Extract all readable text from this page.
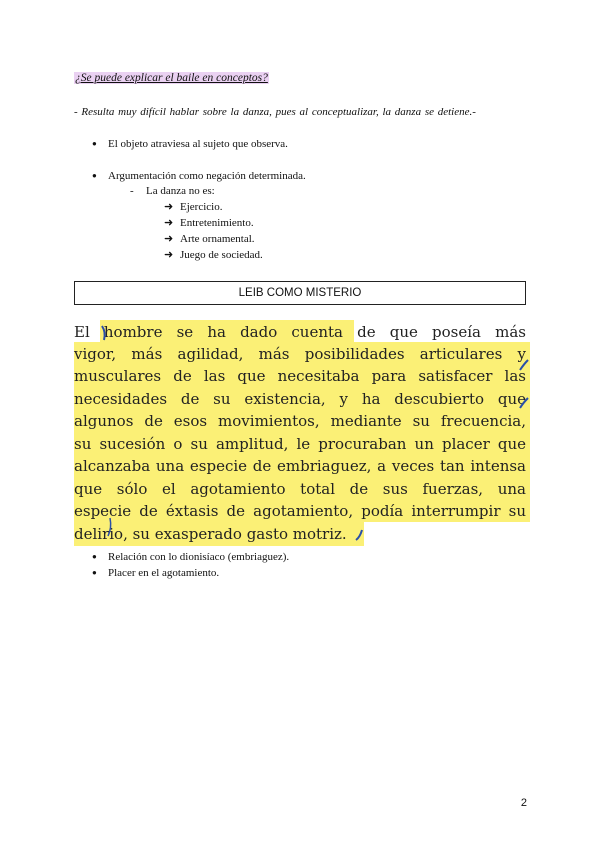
¿Se puede explicar el baile en conceptos?
- Resulta muy difícil hablar sobre la danza, pues al conceptualizar, la danza se detiene.-
● El objeto atraviesa al sujeto que observa.
● Argumentación como negación determinada.
- La danza no es:
➜ Ejercicio.
➜ Entretenimiento.
➜ Arte ornamental.
➜ Juego de sociedad.
LEIB COMO MISTERIO
El hombre se ha dado cuenta de que poseía más
vigor, más agilidad, más posibilidades articulares y
musculares de las que necesitaba para satisfacer las
necesidades de su existencia, y ha descubierto que
algunos de esos movimientos, mediante su frecuencia,
su sucesión o su amplitud, le procuraban un placer que
alcanzaba una especie de embriaguez, a veces tan intensa
que sólo el agotamiento total de sus fuerzas, una
especie de éxtasis de agotamiento, podía interrumpir su
delirio, su exasperado gasto motriz.
● Relación con lo dionisíaco (embriaguez).
● Placer en el agotamiento.
2
